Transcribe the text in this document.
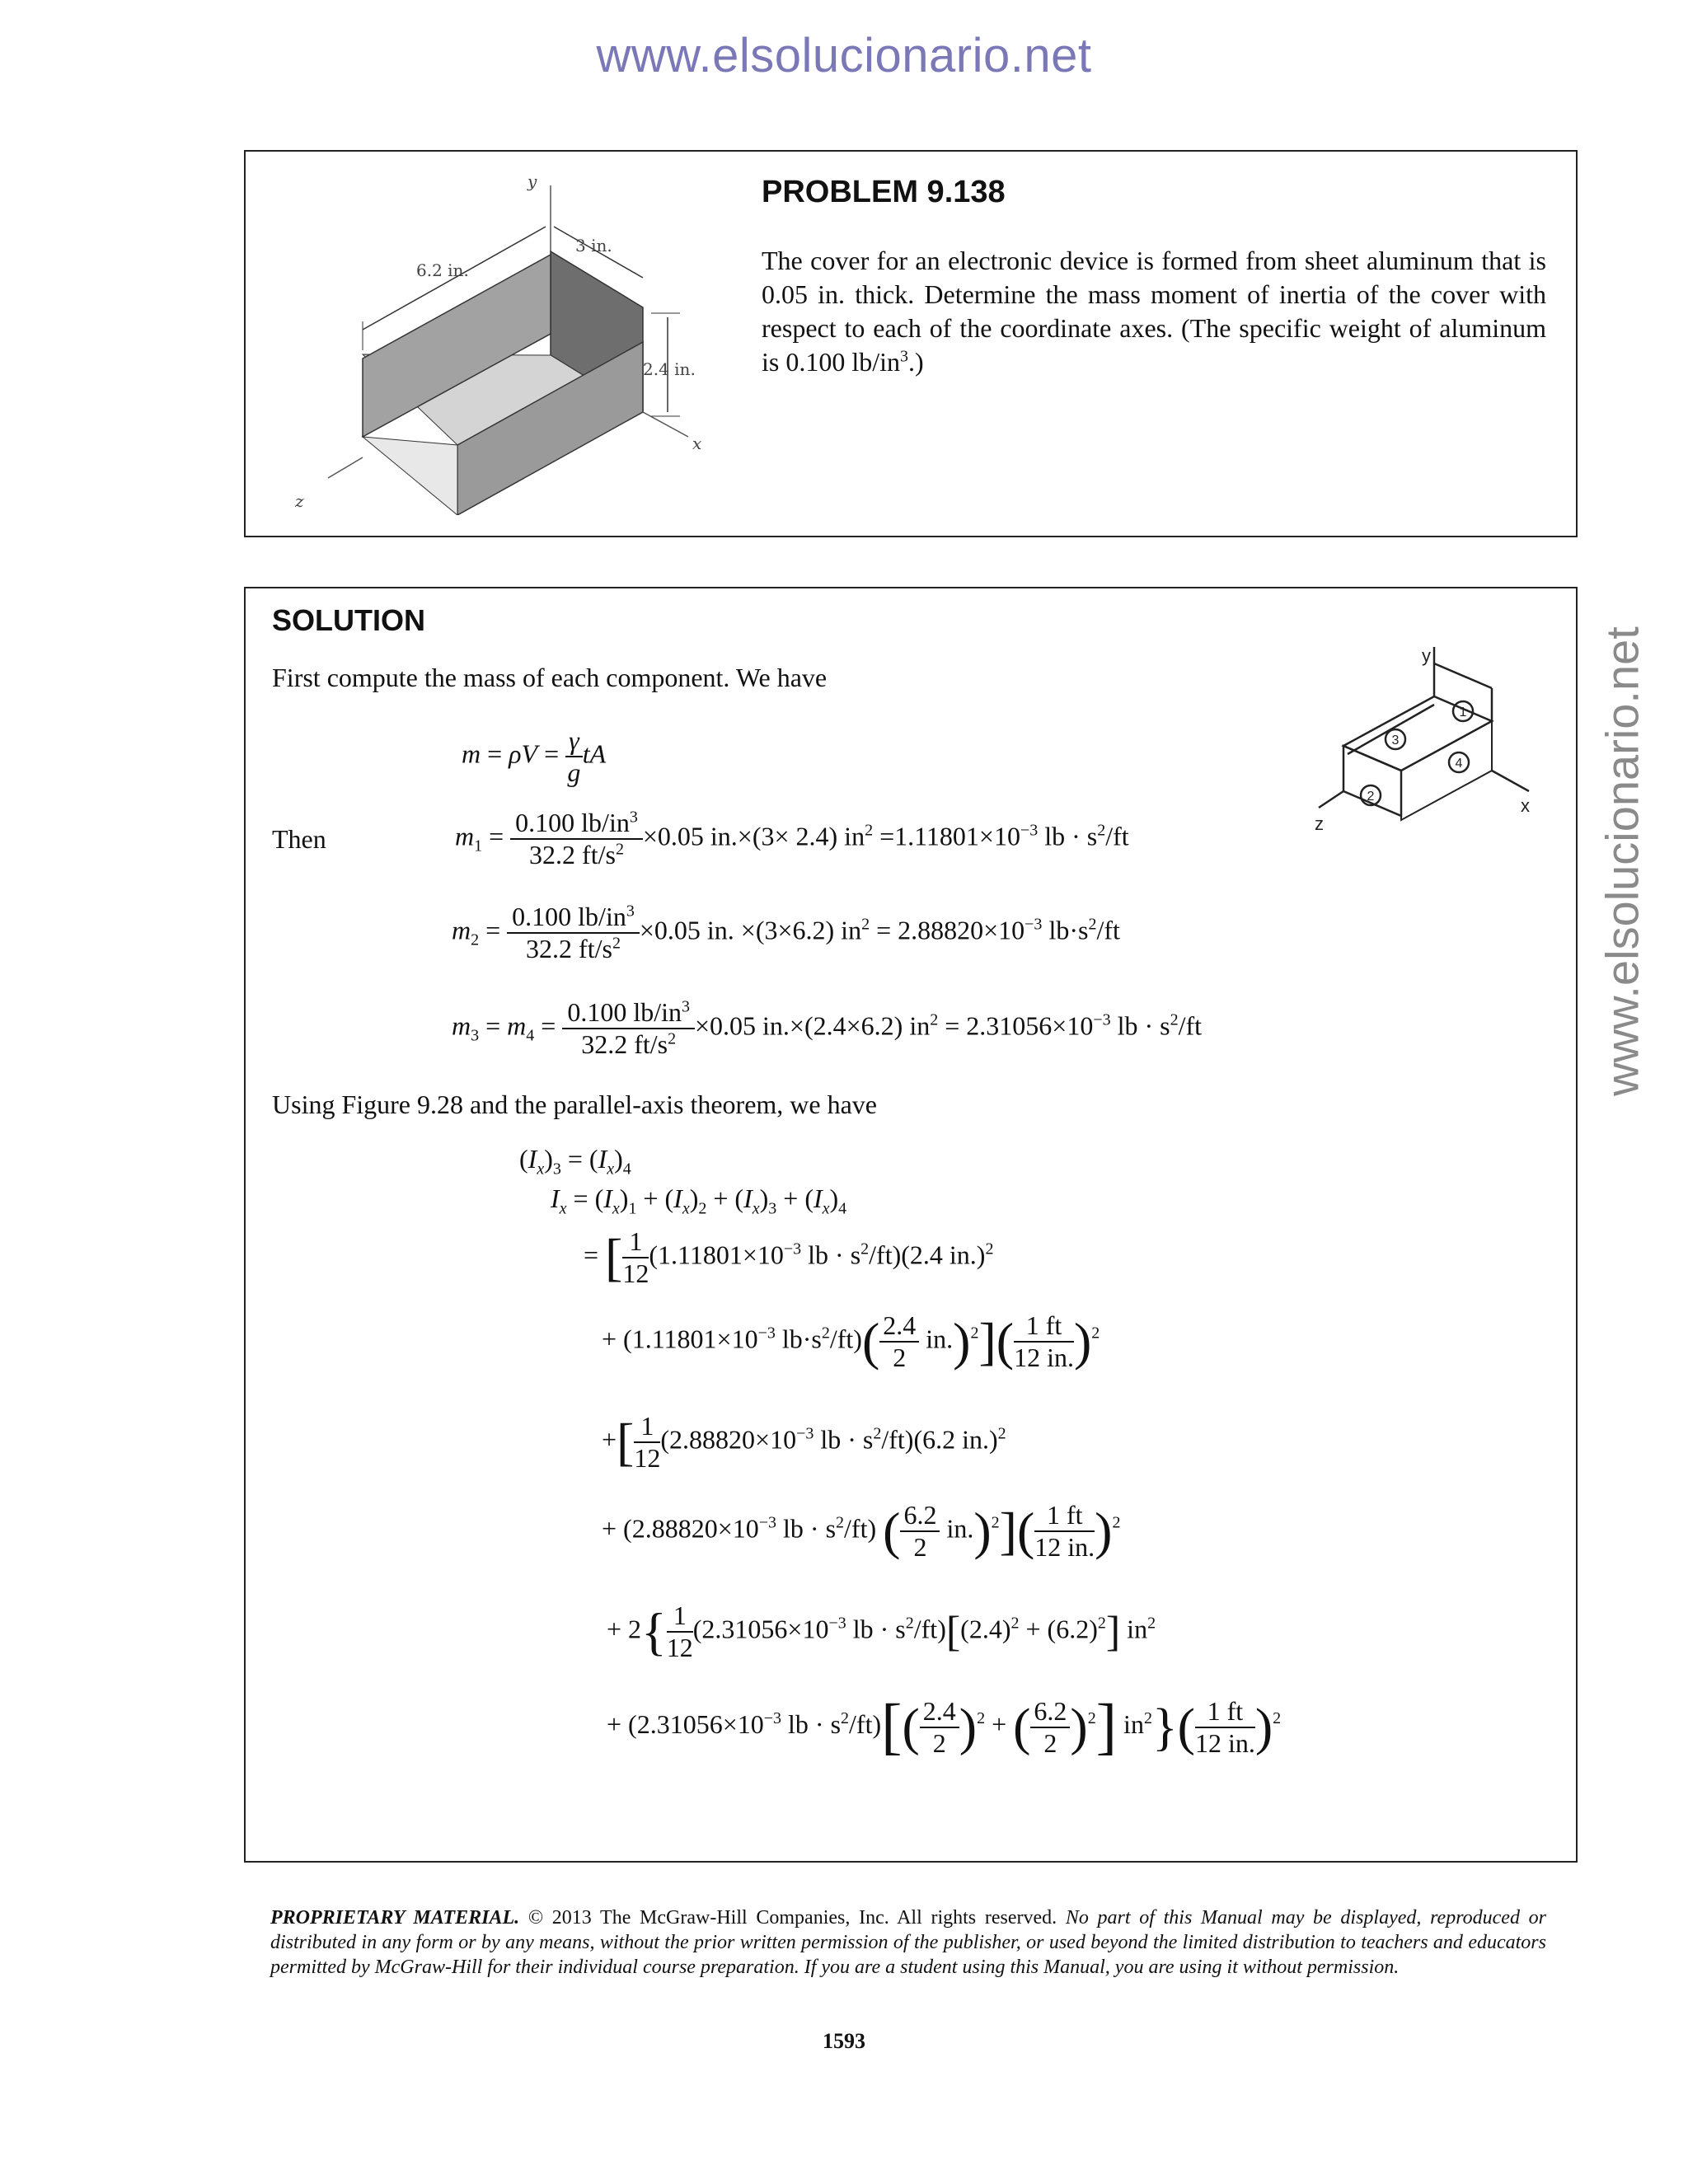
www.elsolucionario.net
www.elsolucionario.net
y
6.2 in.
3 in.
2.4 in.
x
z
PROBLEM 9.138
The cover for an electronic device is formed from sheet aluminum that is 0.05 in. thick. Determine the mass moment of inertia of the cover with respect to each of the coordinate axes. (The specific weight of aluminum is 0.100 $lb/in^3$.)
SOLUTION
First compute the mass of each component. We have
1
3
4
2
y
x
z
$m = \rho V = \frac{\gamma}{g}$ tA
Then	$m_1 = \frac{0.100 lb/in^3}{32.2 ft/s^2} \times 0.05$ in.×(3× 2.4) $in^2 =1.11801\times 10^{-3}$ lb · $s^2/ft$
$m_2 = \frac{0.100 lb/in^3}{32.2 ft/s^2} \times 0.05$ in. ×(3×6.2) $in^2 = 2.88820\times 10^{-3}$ $lb\cdot s^2/ft$
$m_3 = m_4 = \frac{0.100 lb/in^3}{32.2 ft/s^2} \times 0.05$ in.×(2.4×6.2) $in^2 = 2.31056\times 10^{-3}$ lb · $s^2/ft$
Using Figure 9.28 and the parallel-axis theorem, we have
$(I_x)_3 = (I_x)_4$
$I_x = (I_x)_1 + (I_x)_2 + (I_x)_3 + (I_x)_4$
= [ $\frac{1}{12} (1.11801\times 10^{-3}$ lb · $s^2/ft)(2.4$ in.)$^2$
+ ($1.11801\times 10^{-3}$ $lb\cdot s^2/ft)( \frac{2.4}{2} in.)^2]( \frac{1 ft}{12 in.} )^2$
+[ $\frac{1}{12} (2.88820\times 10^{-3}$ lb · $s^2/ft)(6.2$ in.)$^2$
+ ($2.88820\times 10^{-3}$ lb · $s^2/ft$) ( $\frac{6.2}{2} in.)^2]( \frac{1 ft}{12 in.} )^2$
+ $2\{ \frac{1}{12} (2.31056\times 10^{-3}$ lb · $s^2/ft)[(2.4)^2 + (6.2)^2]$ $in^2$
+ ($2.31056\times 10^{-3}$ lb · $s^2/ft)[( \frac{2.4}{2} )^2$ + ( $\frac{6.2}{2} )^2$] $in^2\}( \frac{1 ft}{12 in.} )^2$
PROPRIETARY MATERIAL. © 2013 The McGraw-Hill Companies, Inc. All rights reserved. No part of this Manual may be displayed, reproduced or distributed in any form or by any means, without the prior written permission of the publisher, or used beyond the limited distribution to teachers and educators permitted by McGraw-Hill for their individual course preparation. If you are a student using this Manual, you are using it without permission.
1593
